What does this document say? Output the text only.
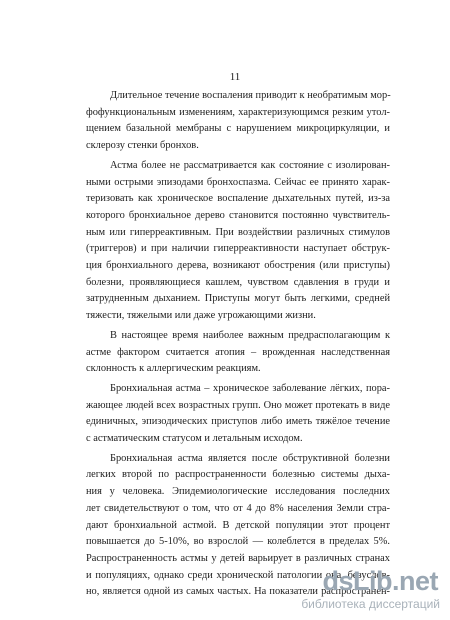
11

Длительное течение воспаления приводит к необратимым мор-
фофункциональным изменениям, характеризующимся резким утол-
щением базальной мембраны с нарушением микроциркуляции, и
склерозу стенки бронхов.

Астма более не рассматривается как состояние с изолирован-
ными острыми эпизодами бронхоспазма. Сейчас ее принято харак-
теризовать как хроническое воспаление дыхательных путей, из-за
которого бронхиальное дерево становится постоянно чувствитель-
ным или гиперреактивным. При воздействии различных стимулов
(триггеров) и при наличии гиперреактивности наступает обструк-
ция бронхиального дерева, возникают обострения (или приступы)
болезни, проявляющиеся кашлем, чувством сдавления в груди и
затрудненным дыханием. Приступы могут быть легкими, средней
тяжести, тяжелыми или даже угрожающими жизни.

В настоящее время наиболее важным предрасполагающим к
астме фактором считается атопия – врожденная наследственная
склонность к аллергическим реакциям.

Бронхиальная астма – хроническое заболевание лёгких, пора-
жающее людей всех возрастных групп. Оно может протекать в виде
единичных, эпизодических приступов либо иметь тяжёлое течение
с астматическим статусом и летальным исходом.

Бронхиальная астма является после обструктивной болезни
легких второй по распространенности болезнью системы дыха-
ния у человека. Эпидемиологические исследования последних
лет свидетельствуют о том, что от 4 до 8% населения Земли стра-
дают бронхиальной астмой. В детской популяции этот процент
повышается до 5-10%, во взрослой — колеблется в пределах 5%.
Распространенность астмы у детей варьирует в различных странах
и популяциях, однако среди хронической патологии она, безуслов-
но, является одной из самых частых. На показатели распространен-

dsLib.net
библиотека диссертаций
